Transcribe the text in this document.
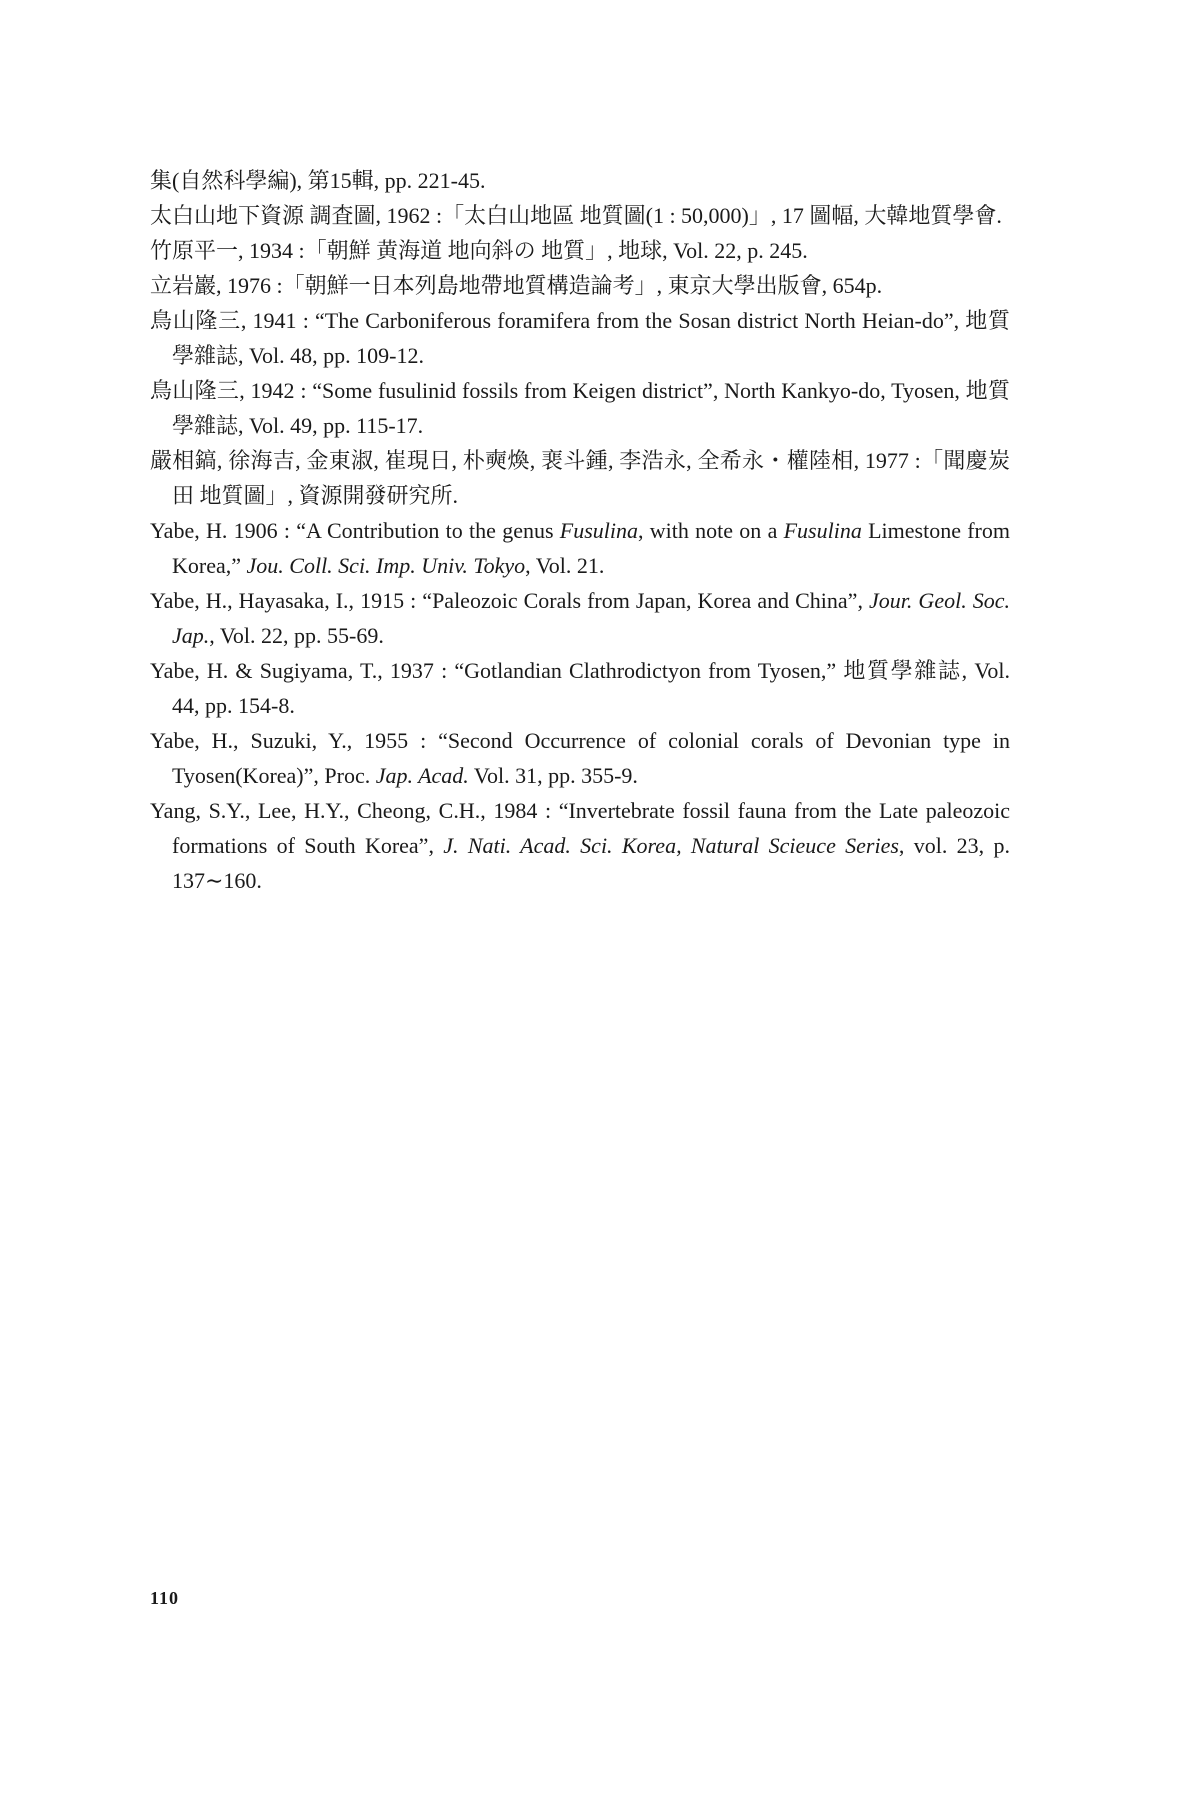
集(自然科學編), 第15輯, pp. 221-45.
太白山地下資源 調査圖, 1962 :「太白山地區 地質圖(1 : 50,000)」, 17 圖幅, 大韓地質學會.
竹原平一, 1934 :「朝鮮 黄海道 地向斜の 地質」, 地球, Vol. 22, p. 245.
立岩巖, 1976 :「朝鮮一日本列島地帶地質構造論考」, 東京大學出版會, 654p.
鳥山隆三, 1941 : “The Carboniferous foramifera from the Sosan district North Heian-do”, 地質學雜誌, Vol. 48, pp. 109-12.
鳥山隆三, 1942 : “Some fusulinid fossils from Keigen district”, North Kankyo-do, Tyosen, 地質學雜誌, Vol. 49, pp. 115-17.
嚴相鎬, 徐海吉, 金東淑, 崔現日, 朴奭煥, 裵斗鍾, 李浩永, 全希永・權陸相, 1977 :「聞慶炭田 地質圖」, 資源開發研究所.
Yabe, H. 1906 : “A Contribution to the genus Fusulina, with note on a Fusulina Limestone from Korea,” Jou. Coll. Sci. Imp. Univ. Tokyo, Vol. 21.
Yabe, H., Hayasaka, I., 1915 : “Paleozoic Corals from Japan, Korea and China”, Jour. Geol. Soc. Jap., Vol. 22, pp. 55-69.
Yabe, H. & Sugiyama, T., 1937 : “Gotlandian Clathrodictyon from Tyosen,” 地質學雜誌, Vol. 44, pp. 154-8.
Yabe, H., Suzuki, Y., 1955 : “Second Occurrence of colonial corals of Devonian type in Tyosen(Korea)”, Proc. Jap. Acad. Vol. 31, pp. 355-9.
Yang, S.Y., Lee, H.Y., Cheong, C.H., 1984 : “Invertebrate fossil fauna from the Late paleozoic formations of South Korea”, J. Nati. Acad. Sci. Korea, Natural Scieuce Series, vol. 23, p. 137∼160.
110
